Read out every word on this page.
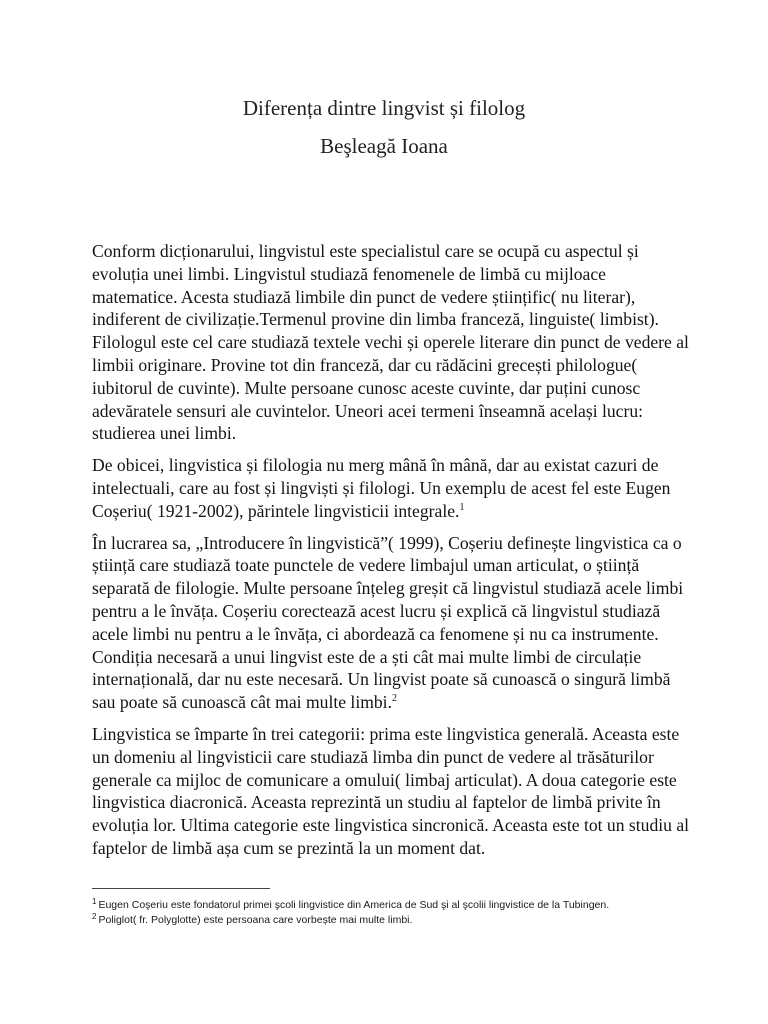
Diferența dintre lingvist și filolog
Beşleagă Ioana

Conform dicționarului, lingvistul este specialistul care se ocupă cu aspectul și evoluția unei limbi. Lingvistul studiază fenomenele de limbă cu mijloace matematice. Acesta studiază limbile din punct de vedere științific( nu literar), indiferent de civilizație.Termenul provine din limba franceză, linguiste( limbist). Filologul este cel care studiază textele vechi și operele literare din punct de vedere al limbii originare. Provine tot din franceză, dar cu rădăcini grecești philologue( iubitorul de cuvinte). Multe persoane cunosc aceste cuvinte, dar puțini cunosc adevăratele sensuri ale cuvintelor. Uneori acei termeni înseamnă același lucru: studierea unei limbi.

De obicei, lingvistica și filologia nu merg mână în mână, dar au existat cazuri de intelectuali, care au fost și lingviști și filologi. Un exemplu de acest fel este Eugen Coșeriu( 1921-2002), părintele lingvisticii integrale.$^1$

În lucrarea sa, „Introducere în lingvistică”( 1999), Coșeriu definește lingvistica ca o știință care studiază toate punctele de vedere limbajul uman articulat, o știință separată de filologie. Multe persoane înțeleg greșit că lingvistul studiază acele limbi pentru a le învăța. Coșeriu corectează acest lucru și explică că lingvistul studiază acele limbi nu pentru a le învăța, ci abordează ca fenomene și nu ca instrumente. Condiția necesară a unui lingvist este de a ști cât mai multe limbi de circulație internațională, dar nu este necesară. Un lingvist poate să cunoască o singură limbă sau poate să cunoască cât mai multe limbi.$^2$

Lingvistica se împarte în trei categorii: prima este lingvistica generală. Aceasta este un domeniu al lingvisticii care studiază limba din punct de vedere al trăsăturilor generale ca mijloc de comunicare a omului( limbaj articulat). A doua categorie este lingvistica diacronică. Aceasta reprezintă un studiu al faptelor de limbă privite în evoluția lor. Ultima categorie este lingvistica sincronică. Aceasta este tot un studiu al faptelor de limbă așa cum se prezintă la un moment dat.

$^1$ Eugen Coşeriu este fondatorul primei şcoli lingvistice din America de Sud şi al şcolii lingvistice de la Tubingen.
$^2$ Poliglot( fr. Polyglotte) este persoana care vorbește mai multe limbi.
